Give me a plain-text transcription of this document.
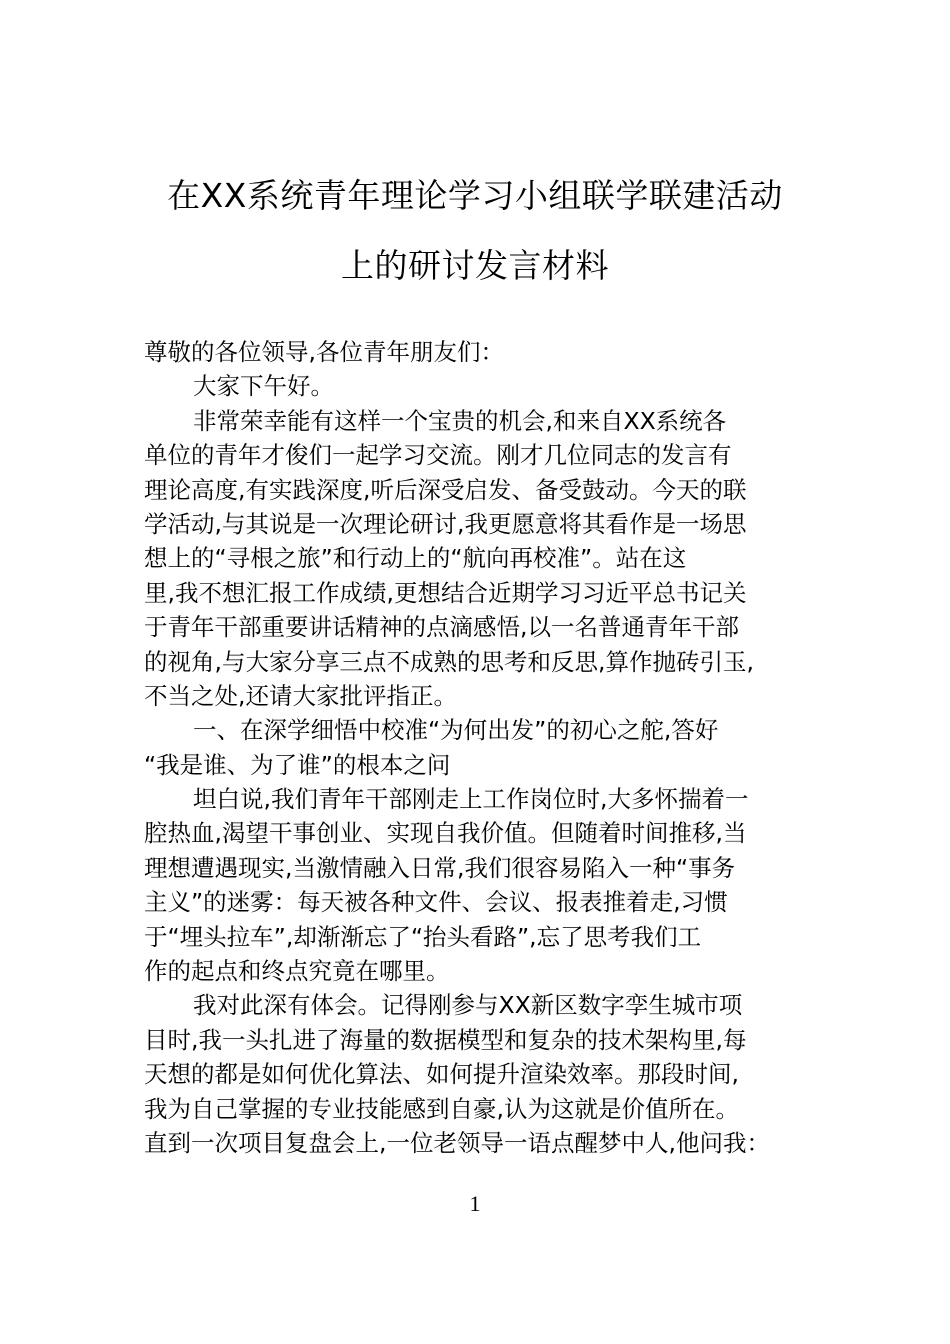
在XX系统青年理论学习小组联学联建活动
上的研讨发言材料
尊敬的各位领导,各位青年朋友们：
大家下午好。
非常荣幸能有这样一个宝贵的机会,和来自XX系统各
单位的青年才俊们一起学习交流。刚才几位同志的发言有
理论高度,有实践深度,听后深受启发、备受鼓动。今天的联
学活动,与其说是一次理论研讨,我更愿意将其看作是一场思
想上的“寻根之旅”和行动上的“航向再校准”。站在这
里,我不想汇报工作成绩,更想结合近期学习习近平总书记关
于青年干部重要讲话精神的点滴感悟,以一名普通青年干部
的视角,与大家分享三点不成熟的思考和反思,算作抛砖引玉,
不当之处,还请大家批评指正。
一、在深学细悟中校准“为何出发”的初心之舵,答好
“我是谁、为了谁”的根本之问
坦白说,我们青年干部刚走上工作岗位时,大多怀揣着一
腔热血,渴望干事创业、实现自我价值。但随着时间推移,当
理想遭遇现实,当激情融入日常,我们很容易陷入一种“事务
主义”的迷雾：每天被各种文件、会议、报表推着走,习惯
于“埋头拉车”,却渐渐忘了“抬头看路”,忘了思考我们工
作的起点和终点究竟在哪里。
我对此深有体会。记得刚参与XX新区数字孪生城市项
目时,我一头扎进了海量的数据模型和复杂的技术架构里,每
天想的都是如何优化算法、如何提升渲染效率。那段时间,
我为自己掌握的专业技能感到自豪,认为这就是价值所在。
直到一次项目复盘会上,一位老领导一语点醒梦中人,他问我：
1
